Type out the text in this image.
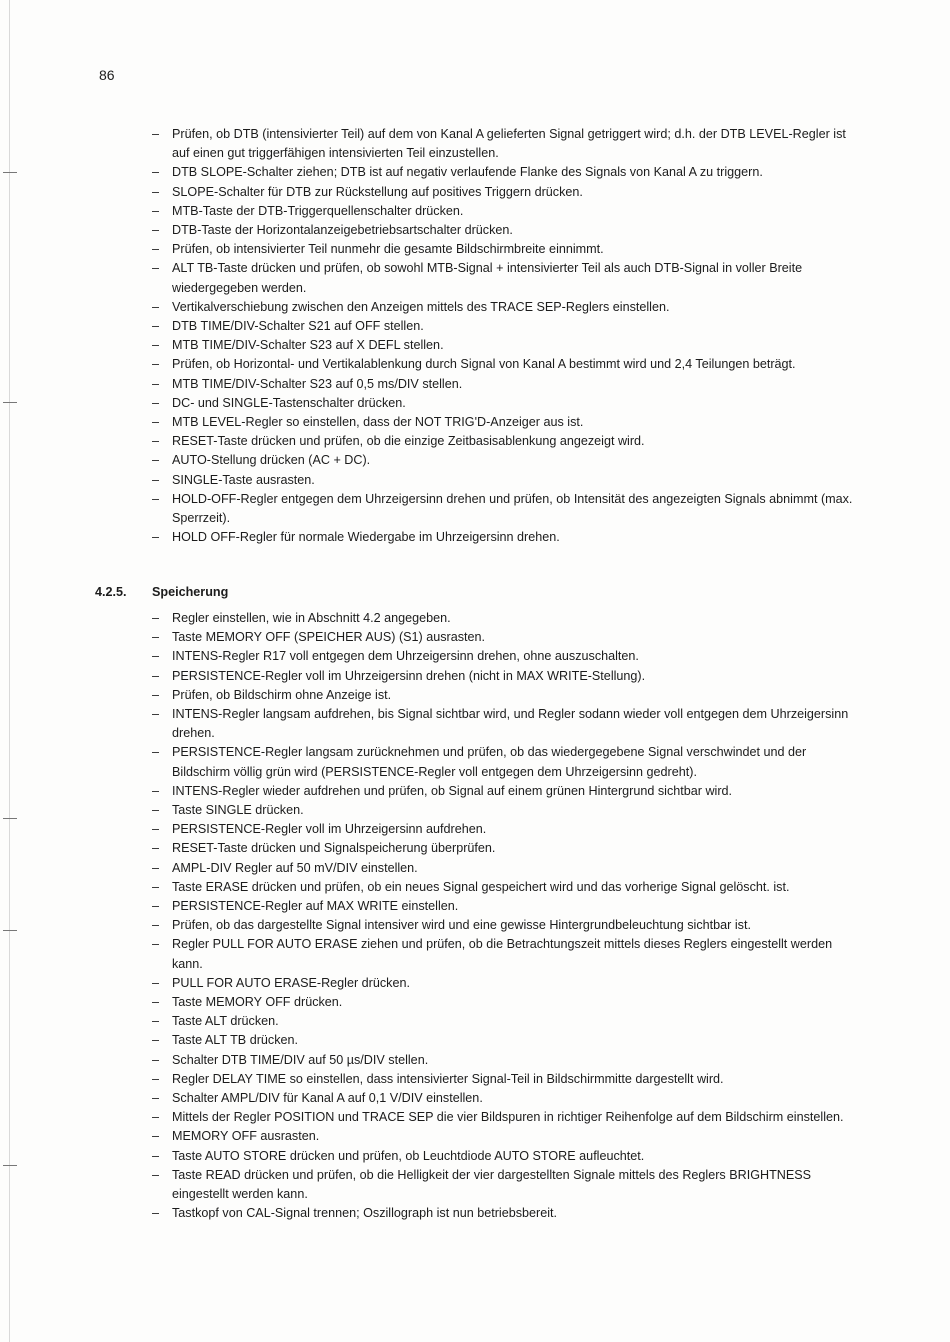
86
– Prüfen, ob DTB (intensivierter Teil) auf dem von Kanal A gelieferten Signal getriggert wird; d.h. der DTB LEVEL-Regler ist auf einen gut triggerfähigen intensivierten Teil einzustellen.
– DTB SLOPE-Schalter ziehen; DTB ist auf negativ verlaufende Flanke des Signals von Kanal A zu triggern.
– SLOPE-Schalter für DTB zur Rückstellung auf positives Triggern drücken.
– MTB-Taste der DTB-Triggerquellenschalter drücken.
– DTB-Taste der Horizontalanzeigebetriebsartschalter drücken.
– Prüfen, ob intensivierter Teil nunmehr die gesamte Bildschirmbreite einnimmt.
– ALT TB-Taste drücken und prüfen, ob sowohl MTB-Signal + intensivierter Teil als auch DTB-Signal in voller Breite wiedergegeben werden.
– Vertikalverschiebung zwischen den Anzeigen mittels des TRACE SEP-Reglers einstellen.
– DTB TIME/DIV-Schalter S21 auf OFF stellen.
– MTB TIME/DIV-Schalter S23 auf X DEFL stellen.
– Prüfen, ob Horizontal- und Vertikalablenkung durch Signal von Kanal A bestimmt wird und 2,4 Teilungen beträgt.
– MTB TIME/DIV-Schalter S23 auf 0,5 ms/DIV stellen.
– DC- und SINGLE-Tastenschalter drücken.
– MTB LEVEL-Regler so einstellen, dass der NOT TRIG'D-Anzeiger aus ist.
– RESET-Taste drücken und prüfen, ob die einzige Zeitbasisablenkung angezeigt wird.
– AUTO-Stellung drücken (AC + DC).
– SINGLE-Taste ausrasten.
– HOLD-OFF-Regler entgegen dem Uhrzeigersinn drehen und prüfen, ob Intensität des angezeigten Signals abnimmt (max. Sperrzeit).
– HOLD OFF-Regler für normale Wiedergabe im Uhrzeigersinn drehen.
4.2.5. Speicherung
– Regler einstellen, wie in Abschnitt 4.2 angegeben.
– Taste MEMORY OFF (SPEICHER AUS) (S1) ausrasten.
– INTENS-Regler R17 voll entgegen dem Uhrzeigersinn drehen, ohne auszuschalten.
– PERSISTENCE-Regler voll im Uhrzeigersinn drehen (nicht in MAX WRITE-Stellung).
– Prüfen, ob Bildschirm ohne Anzeige ist.
– INTENS-Regler langsam aufdrehen, bis Signal sichtbar wird, und Regler sodann wieder voll entgegen dem Uhrzeigersinn drehen.
– PERSISTENCE-Regler langsam zurücknehmen und prüfen, ob das wiedergegebene Signal verschwindet und der Bildschirm völlig grün wird (PERSISTENCE-Regler voll entgegen dem Uhrzeigersinn gedreht).
– INTENS-Regler wieder aufdrehen und prüfen, ob Signal auf einem grünen Hintergrund sichtbar wird.
– Taste SINGLE drücken.
– PERSISTENCE-Regler voll im Uhrzeigersinn aufdrehen.
– RESET-Taste drücken und Signalspeicherung überprüfen.
– AMPL-DIV Regler auf 50 mV/DIV einstellen.
– Taste ERASE drücken und prüfen, ob ein neues Signal gespeichert wird und das vorherige Signal gelöscht. ist.
– PERSISTENCE-Regler auf MAX WRITE einstellen.
– Prüfen, ob das dargestellte Signal intensiver wird und eine gewisse Hintergrundbeleuchtung sichtbar ist.
– Regler PULL FOR AUTO ERASE ziehen und prüfen, ob die Betrachtungszeit mittels dieses Reglers eingestellt werden kann.
– PULL FOR AUTO ERASE-Regler drücken.
– Taste MEMORY OFF drücken.
– Taste ALT drücken.
– Taste ALT TB drücken.
– Schalter DTB TIME/DIV auf 50 µs/DIV stellen.
– Regler DELAY TIME so einstellen, dass intensivierter Signal-Teil in Bildschirmmitte dargestellt wird.
– Schalter AMPL/DIV für Kanal A auf 0,1 V/DIV einstellen.
– Mittels der Regler POSITION und TRACE SEP die vier Bildspuren in richtiger Reihenfolge auf dem Bildschirm einstellen.
– MEMORY OFF ausrasten.
– Taste AUTO STORE drücken und prüfen, ob Leuchtdiode AUTO STORE aufleuchtet.
– Taste READ drücken und prüfen, ob die Helligkeit der vier dargestellten Signale mittels des Reglers BRIGHTNESS eingestellt werden kann.
– Tastkopf von CAL-Signal trennen; Oszillograph ist nun betriebsbereit.
